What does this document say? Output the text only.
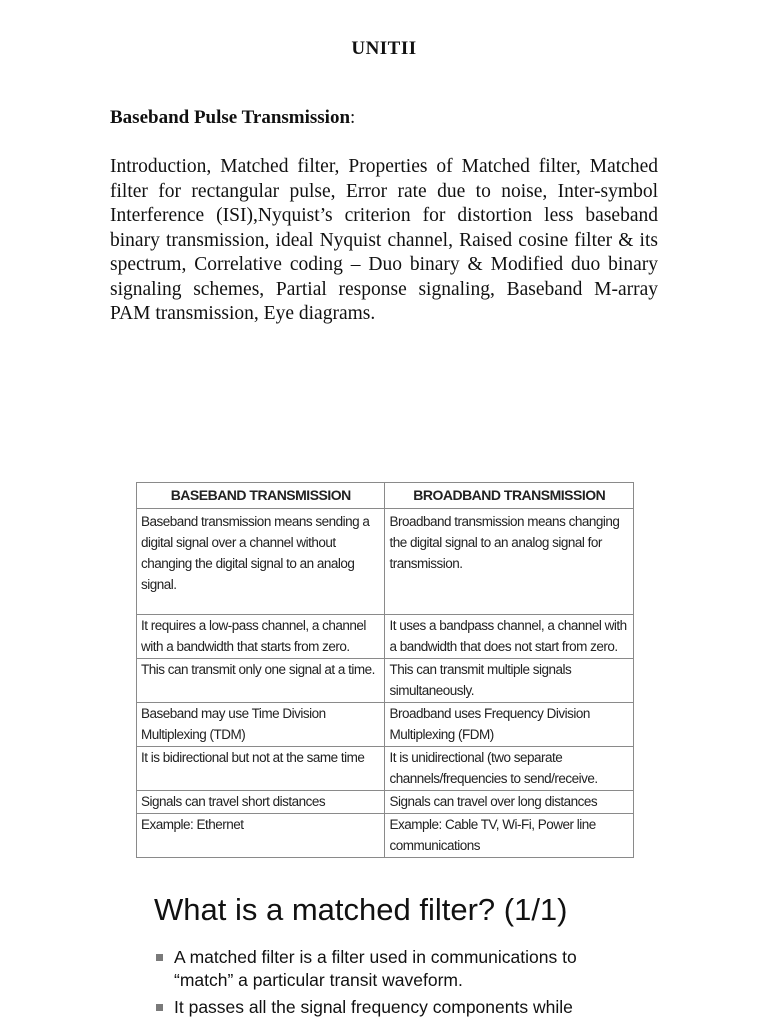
UNITII
Baseband Pulse Transmission:
Introduction, Matched filter, Properties of Matched filter, Matched filter for rectangular pulse, Error rate due to noise, Inter-symbol Interference (ISI),Nyquist’s criterion for distortion less baseband binary transmission, ideal Nyquist channel, Raised cosine filter & its spectrum, Correlative coding – Duo binary & Modified duo binary signaling schemes, Partial response signaling, Baseband M-array PAM transmission, Eye diagrams.
BASEBAND TRANSMISSION	BROADBAND TRANSMISSION
Baseband transmission means sending a digital signal over a channel without changing the digital signal to an analog signal.	Broadband transmission means changing the digital signal to an analog signal for transmission.
It requires a low-pass channel, a channel with a bandwidth that starts from zero.	It uses a bandpass channel, a channel with a bandwidth that does not start from zero.
This can transmit only one signal at a time.	This can transmit multiple signals simultaneously.
Baseband may use Time Division Multiplexing (TDM)	Broadband uses Frequency Division Multiplexing (FDM)
It is bidirectional but not at the same time	It is unidirectional (two separate channels/frequencies to send/receive.
Signals can travel short distances	Signals can travel over long distances
Example: Ethernet	Example: Cable TV, Wi-Fi, Power line communications
What is a matched filter? (1/1)
A matched filter is a filter used in communications to “match” a particular transit waveform.
It passes all the signal frequency components while
